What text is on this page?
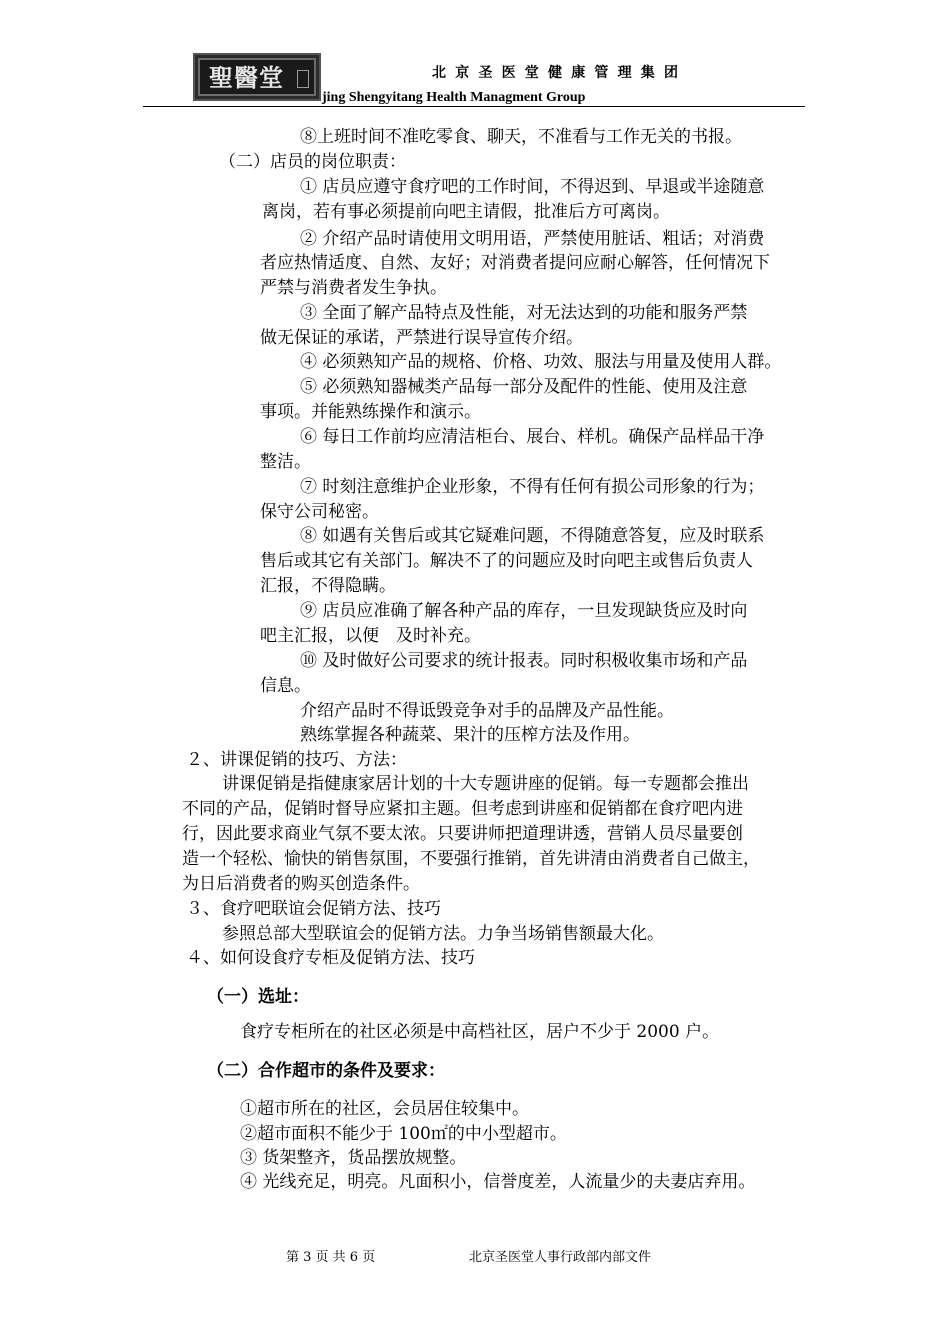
聖醫堂	北京圣医堂健康管理集团
jing Shengyitang Health Managment Group
⑧上班时间不准吃零食、聊天，不准看与工作无关的书报。
（二）店员的岗位职责：
① 店员应遵守食疗吧的工作时间，不得迟到、早退或半途随意
离岗，若有事必须提前向吧主请假，批准后方可离岗。
② 介绍产品时请使用文明用语，严禁使用脏话、粗话；对消费
者应热情适度、自然、友好；对消费者提问应耐心解答，任何情况下
严禁与消费者发生争执。
③ 全面了解产品特点及性能，对无法达到的功能和服务严禁
做无保证的承诺，严禁进行误导宣传介绍。
④ 必须熟知产品的规格、价格、功效、服法与用量及使用人群。
⑤ 必须熟知器械类产品每一部分及配件的性能、使用及注意
事项。并能熟练操作和演示。
⑥ 每日工作前均应清洁柜台、展台、样机。确保产品样品干净
整洁。
⑦ 时刻注意维护企业形象，不得有任何有损公司形象的行为；
保守公司秘密。
⑧ 如遇有关售后或其它疑难问题，不得随意答复，应及时联系
售后或其它有关部门。解决不了的问题应及时向吧主或售后负责人
汇报，不得隐瞒。
⑨ 店员应准确了解各种产品的库存，一旦发现缺货应及时向
吧主汇报，以便　及时补充。
⑩ 及时做好公司要求的统计报表。同时积极收集市场和产品
信息。
介绍产品时不得诋毁竞争对手的品牌及产品性能。
熟练掌握各种蔬菜、果汁的压榨方法及作用。
２、讲课促销的技巧、方法：
讲课促销是指健康家居计划的十大专题讲座的促销。每一专题都会推出
不同的产品，促销时督导应紧扣主题。但考虑到讲座和促销都在食疗吧内进
行，因此要求商业气氛不要太浓。只要讲师把道理讲透，营销人员尽量要创
造一个轻松、愉快的销售氛围，不要强行推销，首先讲清由消费者自己做主，
为日后消费者的购买创造条件。
３、食疗吧联谊会促销方法、技巧
参照总部大型联谊会的促销方法。力争当场销售额最大化。
４、如何设食疗专柜及促销方法、技巧
（一）选址：
食疗专柜所在的社区必须是中高档社区，居户不少于 2000 户。
（二）合作超市的条件及要求：
①超市所在的社区，会员居住较集中。
②超市面积不能少于 100㎡的中小型超市。
③ 货架整齐，货品摆放规整。
④ 光线充足，明亮。凡面积小，信誉度差，人流量少的夫妻店弃用。
第 3 页 共 6 页	北京圣医堂人事行政部内部文件
